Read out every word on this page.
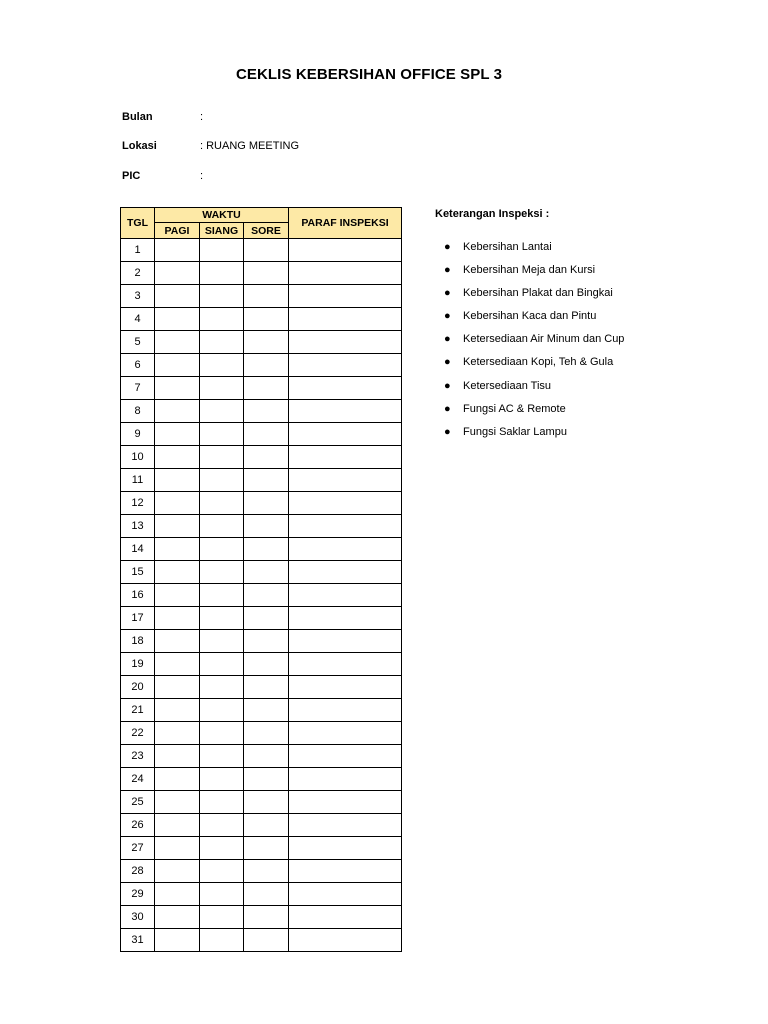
CEKLIS KEBERSIHAN OFFICE SPL 3
Bulan	:
Lokasi	: RUANG MEETING
PIC	:
TGL	WAKTU			PARAF INSPEKSI
	PAGI	SIANG	SORE	
1				
2				
3				
4				
5				
6				
7				
8				
9				
10				
11				
12				
13				
14				
15				
16				
17				
18				
19				
20				
21				
22				
23				
24				
25				
26				
27				
28				
29				
30				
31				
Keterangan Inspeksi :
●	Kebersihan Lantai
●	Kebersihan Meja dan Kursi
●	Kebersihan Plakat dan Bingkai
●	Kebersihan Kaca dan Pintu
●	Ketersediaan Air Minum dan Cup
●	Ketersediaan Kopi, Teh & Gula
●	Ketersediaan Tisu
●	Fungsi AC & Remote
●	Fungsi Saklar Lampu
